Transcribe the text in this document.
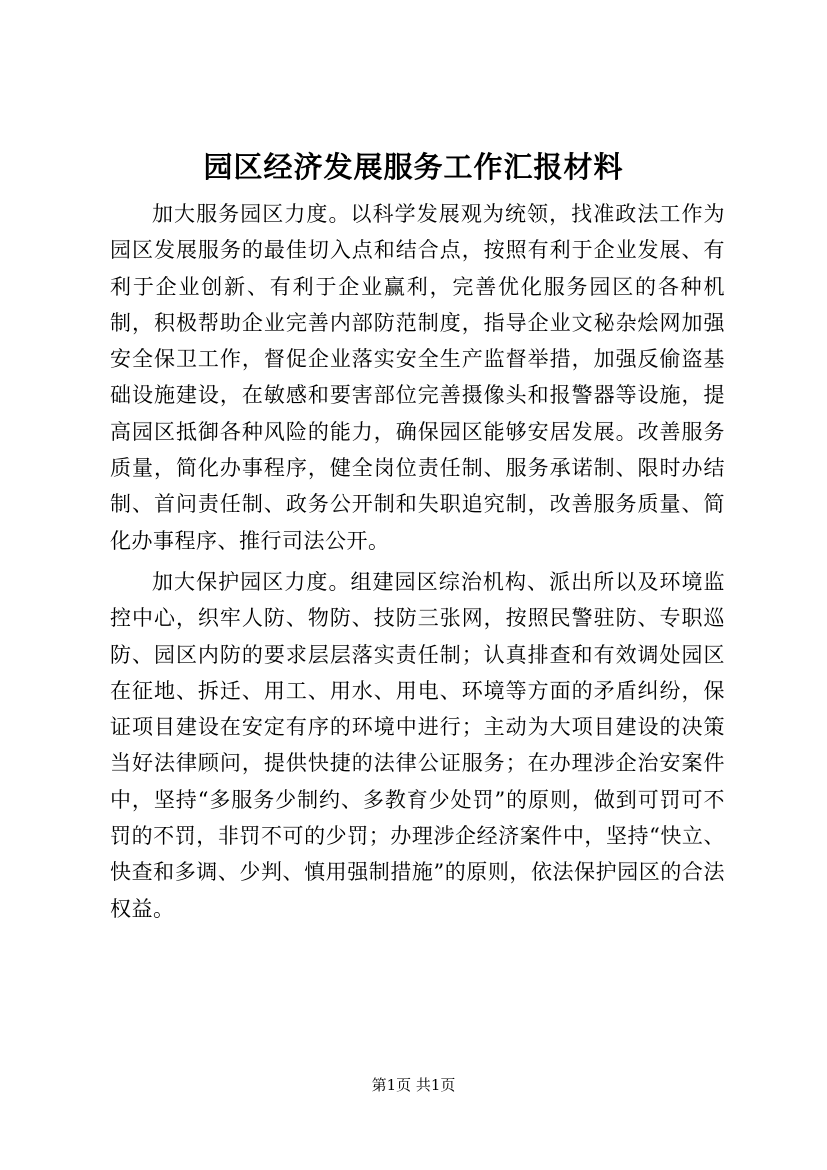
园区经济发展服务工作汇报材料

加大服务园区力度。以科学发展观为统领，找准政法工作为园区发展服务的最佳切入点和结合点，按照有利于企业发展、有利于企业创新、有利于企业赢利，完善优化服务园区的各种机制，积极帮助企业完善内部防范制度，指导企业文秘杂烩网加强安全保卫工作，督促企业落实安全生产监督举措，加强反偷盗基础设施建设，在敏感和要害部位完善摄像头和报警器等设施，提高园区抵御各种风险的能力，确保园区能够安居发展。改善服务质量，简化办事程序，健全岗位责任制、服务承诺制、限时办结制、首问责任制、政务公开制和失职追究制，改善服务质量、简化办事程序、推行司法公开。

加大保护园区力度。组建园区综治机构、派出所以及环境监控中心，织牢人防、物防、技防三张网，按照民警驻防、专职巡防、园区内防的要求层层落实责任制；认真排查和有效调处园区在征地、拆迁、用工、用水、用电、环境等方面的矛盾纠纷，保证项目建设在安定有序的环境中进行；主动为大项目建设的决策当好法律顾问，提供快捷的法律公证服务；在办理涉企治安案件中，坚持“多服务少制约、多教育少处罚”的原则，做到可罚可不罚的不罚，非罚不可的少罚；办理涉企经济案件中，坚持“快立、快查和多调、少判、慎用强制措施”的原则，依法保护园区的合法权益。

第1页 共1页
